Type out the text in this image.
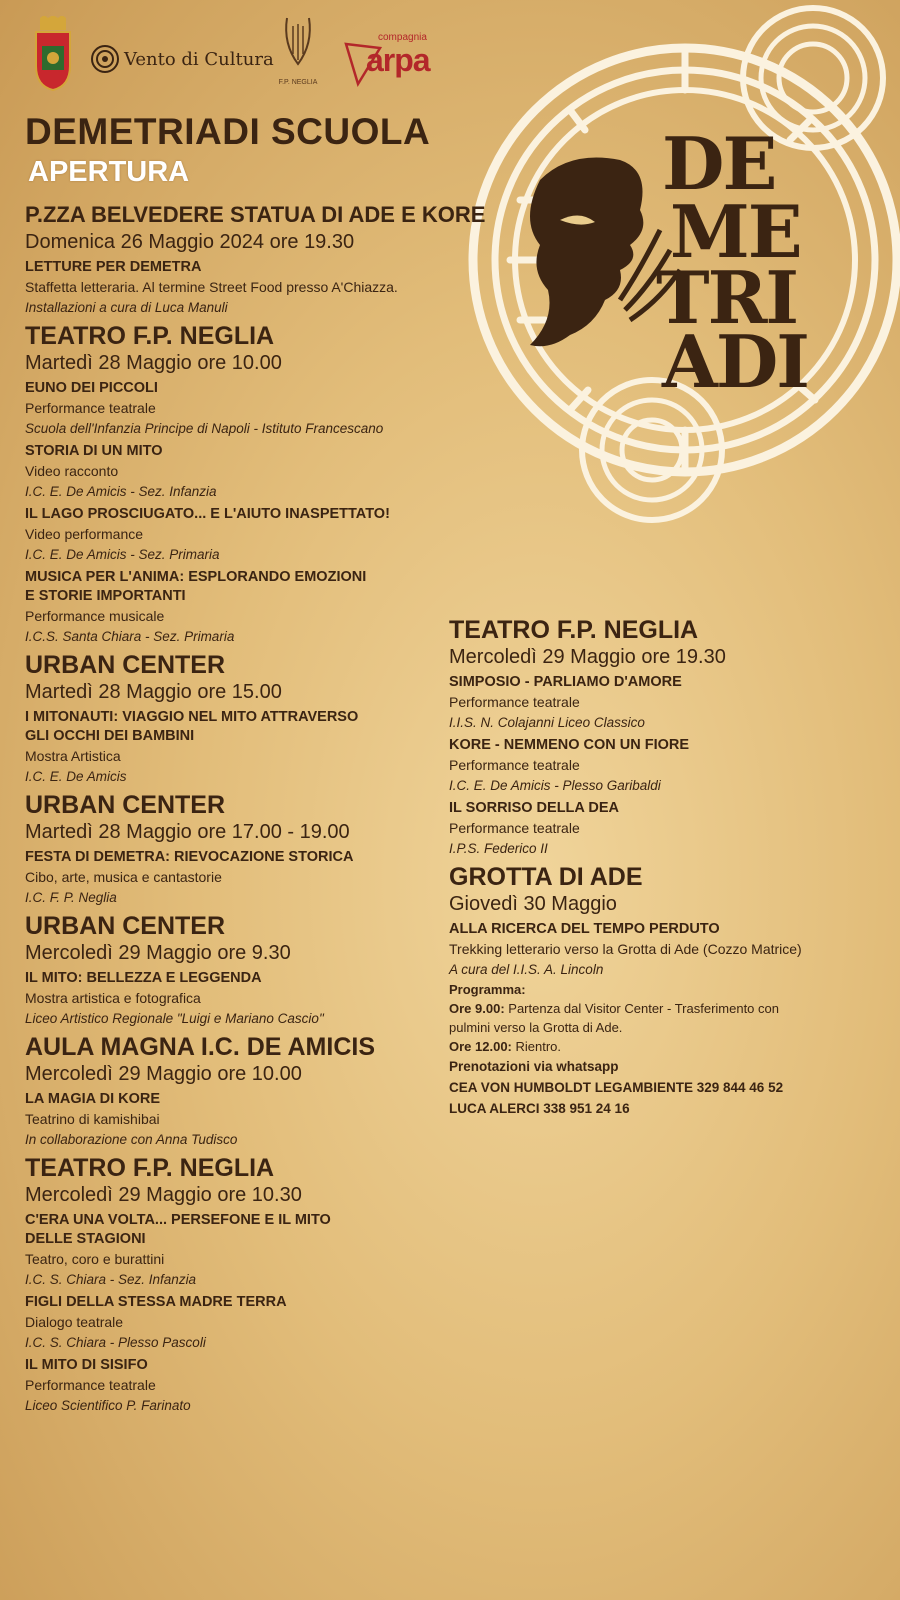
Vento di Cultura
F.P. NEGLIA
compagnia
arpa
DE
ME
TRI
ADI
DEMETRIADI SCUOLA
APERTURA
P.ZZA BELVEDERE STATUA DI ADE E KORE
Domenica 26 Maggio 2024 ore 19.30
LETTURE PER DEMETRA
Staffetta letteraria. Al termine Street Food presso A'Chiazza.
Installazioni a cura di Luca Manuli
TEATRO F.P. NEGLIA
Martedì 28 Maggio ore 10.00
EUNO DEI PICCOLI
Performance teatrale
Scuola dell'Infanzia Principe di Napoli - Istituto Francescano
STORIA DI UN MITO
Video racconto
I.C. E. De Amicis - Sez. Infanzia
IL LAGO PROSCIUGATO... E L'AIUTO INASPETTATO!
Video performance
I.C. E. De Amicis - Sez. Primaria
MUSICA PER L'ANIMA: ESPLORANDO EMOZIONI
E STORIE IMPORTANTI
Performance musicale
I.C.S. Santa Chiara - Sez. Primaria
URBAN CENTER
Martedì 28 Maggio ore 15.00
I MITONAUTI: VIAGGIO NEL MITO ATTRAVERSO
GLI OCCHI DEI BAMBINI
Mostra Artistica
I.C. E. De Amicis
URBAN CENTER
Martedì 28 Maggio ore 17.00 - 19.00
FESTA DI DEMETRA: RIEVOCAZIONE STORICA
Cibo, arte, musica e cantastorie
I.C. F. P. Neglia
URBAN CENTER
Mercoledì 29 Maggio ore 9.30
IL MITO: BELLEZZA E LEGGENDA
Mostra artistica e fotografica
Liceo Artistico Regionale "Luigi e Mariano Cascio"
AULA MAGNA I.C. DE AMICIS
Mercoledì 29 Maggio ore 10.00
LA MAGIA DI KORE
Teatrino di kamishibai
In collaborazione con Anna Tudisco
TEATRO F.P. NEGLIA
Mercoledì 29 Maggio ore 10.30
C'ERA UNA VOLTA... PERSEFONE E IL MITO
DELLE STAGIONI
Teatro, coro e burattini
I.C. S. Chiara - Sez. Infanzia
FIGLI DELLA STESSA MADRE TERRA
Dialogo teatrale
I.C. S. Chiara - Plesso Pascoli
IL MITO DI SISIFO
Performance teatrale
Liceo Scientifico P. Farinato
TEATRO F.P. NEGLIA
Mercoledì 29 Maggio ore 19.30
SIMPOSIO - PARLIAMO D'AMORE
Performance teatrale
I.I.S. N. Colajanni Liceo Classico
KORE - NEMMENO CON UN FIORE
Performance teatrale
I.C. E. De Amicis - Plesso Garibaldi
IL SORRISO DELLA DEA
Performance teatrale
I.P.S. Federico II
GROTTA DI ADE
Giovedì 30 Maggio
ALLA RICERCA DEL TEMPO PERDUTO
Trekking letterario verso la Grotta di Ade (Cozzo Matrice)
A cura del I.I.S. A. Lincoln
Programma:
Ore 9.00: Partenza dal Visitor Center - Trasferimento con
pulmini verso la Grotta di Ade.
Ore 12.00: Rientro.
Prenotazioni via whatsapp
CEA VON HUMBOLDT LEGAMBIENTE 329 844 46 52
LUCA ALERCI 338 951 24 16
